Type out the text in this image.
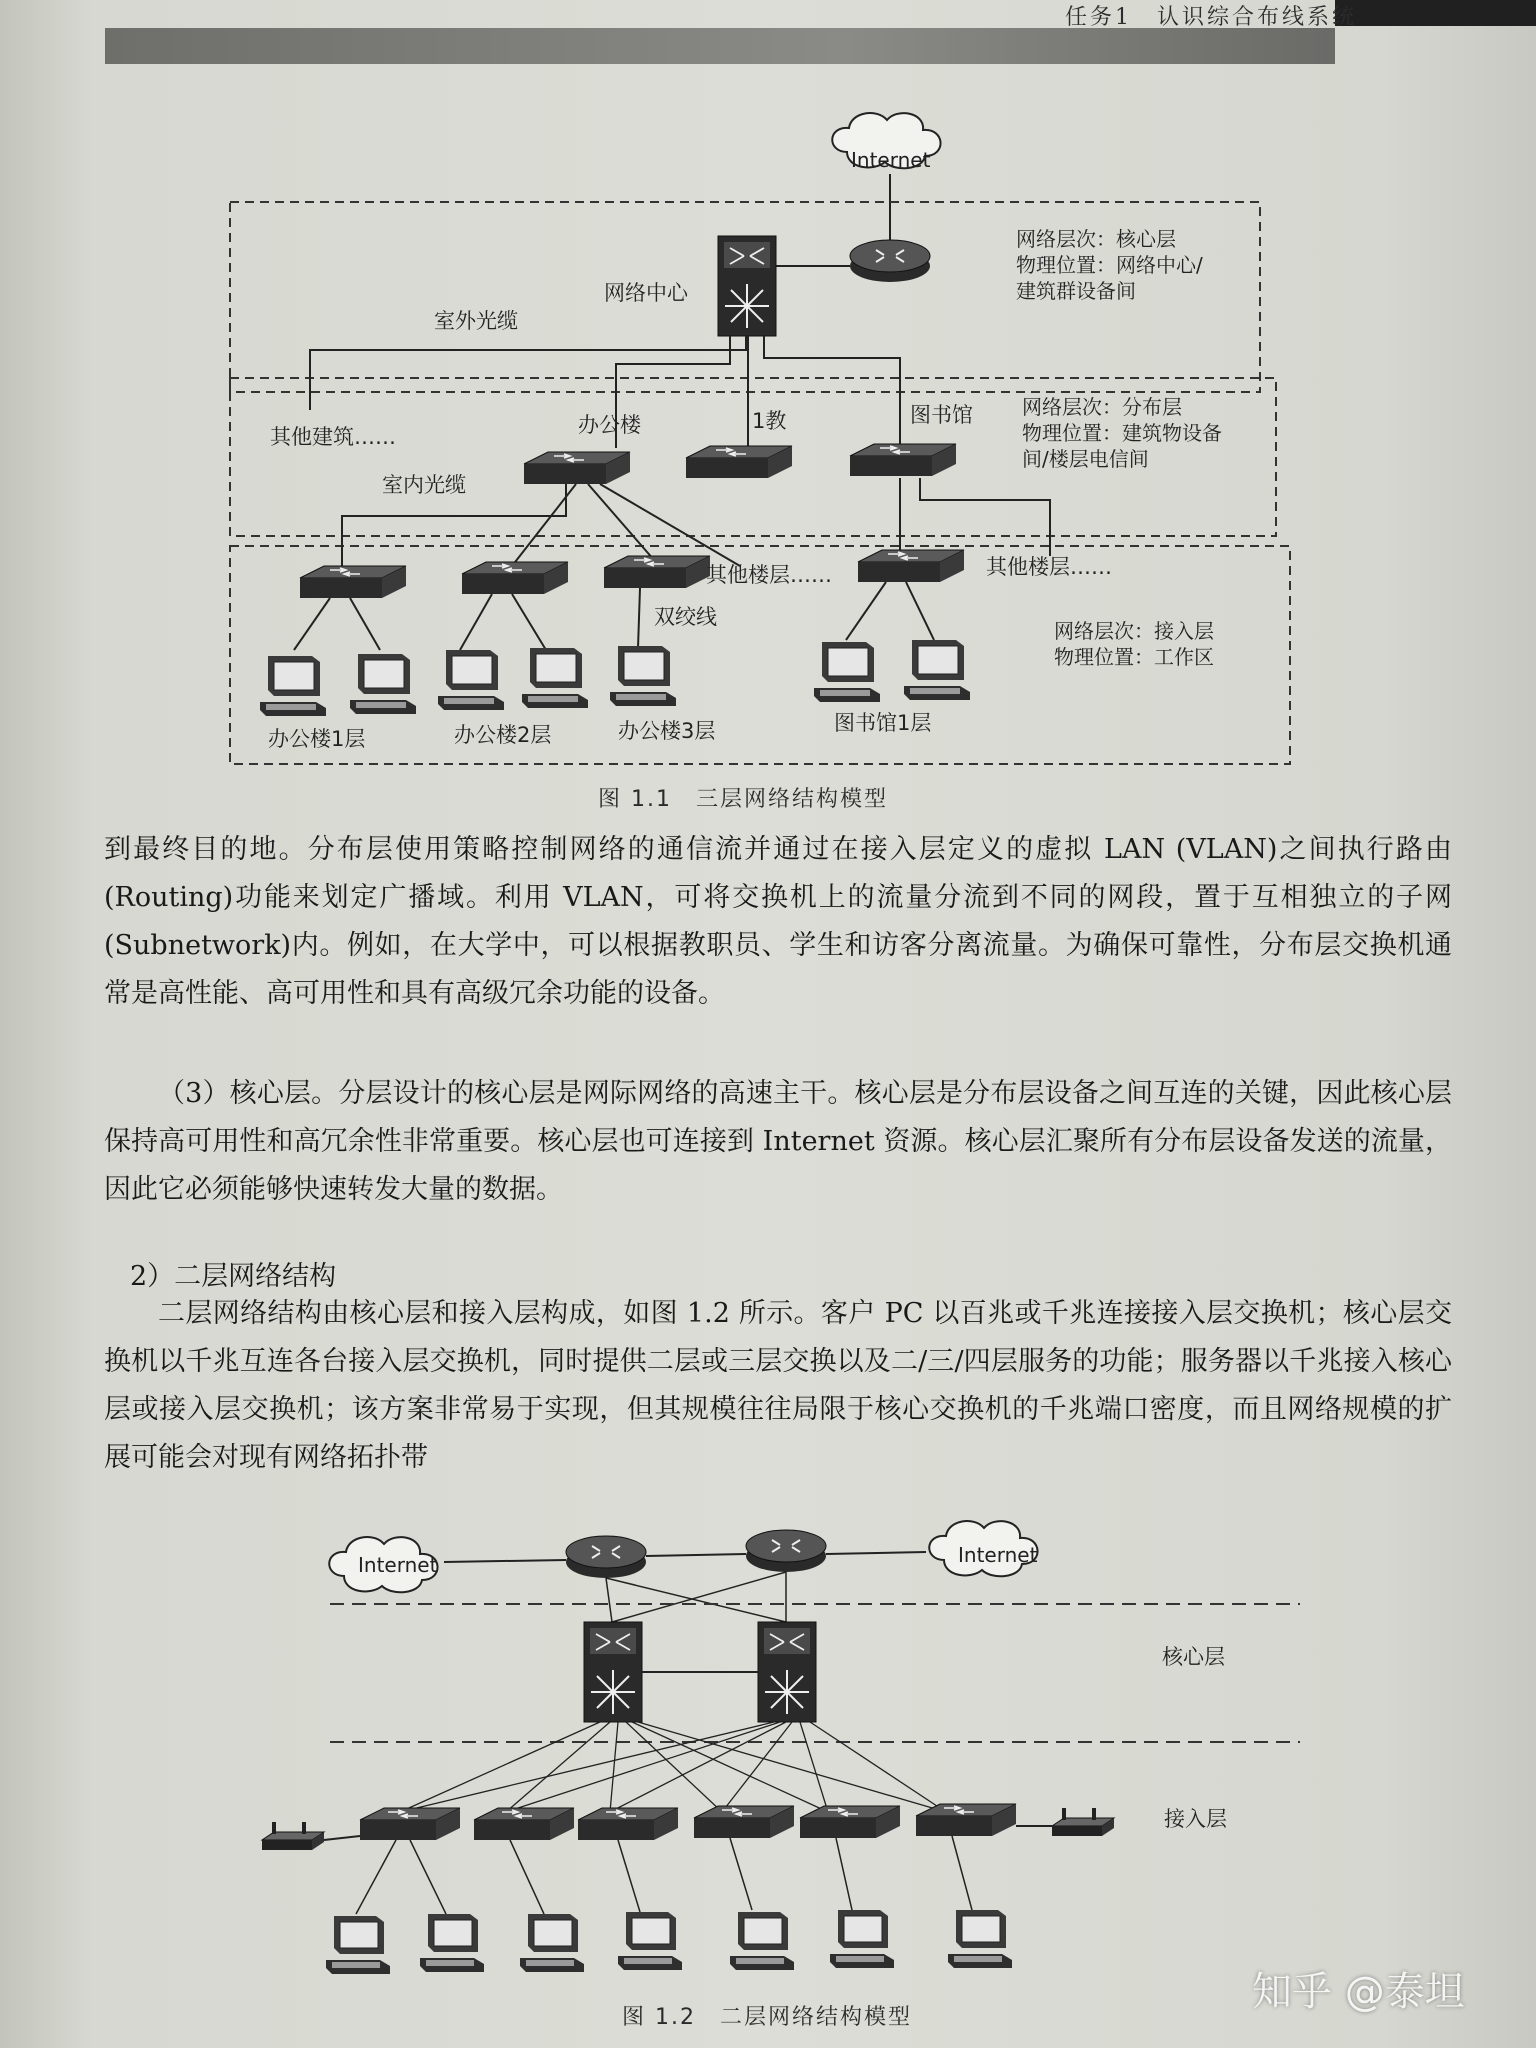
任务1　认识综合布线系统
Internet
网络中心
室外光缆
其他建筑……	办公楼	1教	图书馆
室内光缆
其他楼层……	其他楼层……
双绞线
办公楼1层	办公楼2层	办公楼3层	图书馆1层
网络层次：核心层
物理位置：网络中心/
建筑群设备间
网络层次：分布层
物理位置：建筑物设备
间/楼层电信间
网络层次：接入层
物理位置：工作区
图 1.1　三层网络结构模型

到最终目的地。分布层使用策略控制网络的通信流并通过在接入层定义的虚拟 LAN (VLAN)之间执行路由(Routing)功能来划定广播域。利用 VLAN，可将交换机上的流量分流到不同的网段，置于互相独立的子网(Subnetwork)内。例如，在大学中，可以根据教职员、学生和访客分离流量。为确保可靠性，分布层交换机通常是高性能、高可用性和具有高级冗余功能的设备。

（3）核心层。分层设计的核心层是网际网络的高速主干。核心层是分布层设备之间互连的关键，因此核心层保持高可用性和高冗余性非常重要。核心层也可连接到 Internet 资源。核心层汇聚所有分布层设备发送的流量，因此它必须能够快速转发大量的数据。

2）二层网络结构

二层网络结构由核心层和接入层构成，如图 1.2 所示。客户 PC 以百兆或千兆连接接入层交换机；核心层交换机以千兆互连各台接入层交换机，同时提供二层或三层交换以及二/三/四层服务的功能；服务器以千兆接入核心层或接入层交换机；该方案非常易于实现，但其规模往往局限于核心交换机的千兆端口密度，而且网络规模的扩展可能会对现有网络拓扑带

Internet	Internet
核心层
接入层
图 1.2　二层网络结构模型
知乎 @泰坦
